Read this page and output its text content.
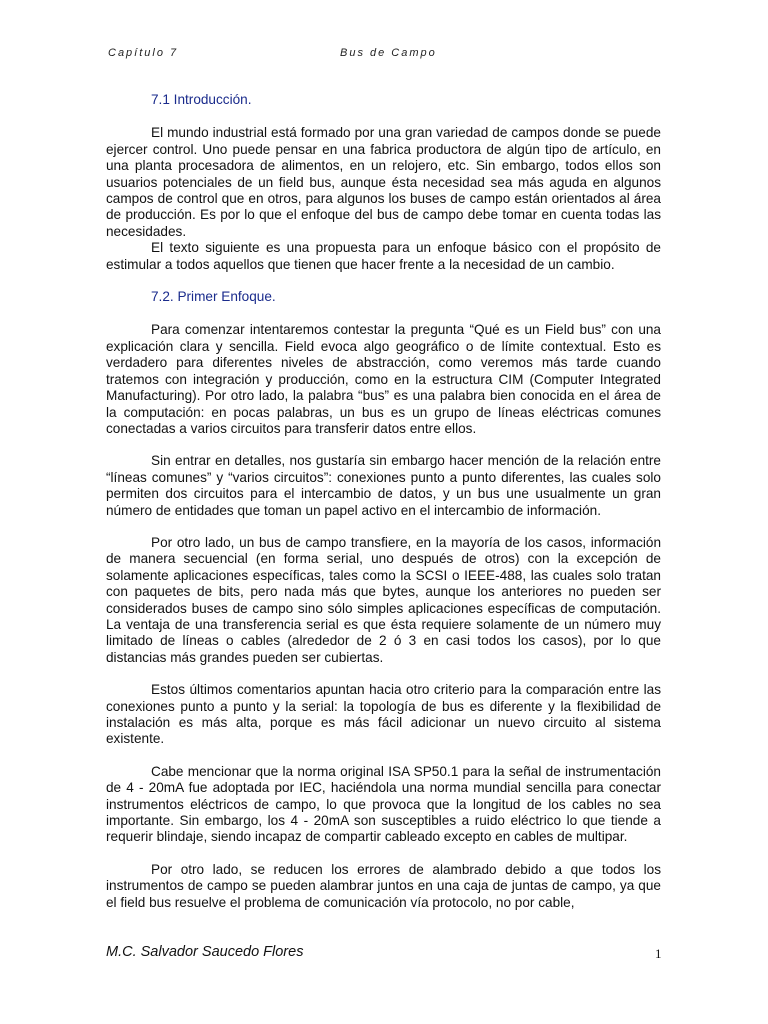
Capítulo 7	Bus de Campo
7.1 Introducción.

El mundo industrial está formado por una gran variedad de campos donde se puede ejercer control. Uno puede pensar en una fabrica productora de algún tipo de artículo, en una planta procesadora de alimentos, en un relojero, etc. Sin embargo, todos ellos son usuarios potenciales de un field bus, aunque ésta necesidad sea más aguda en algunos campos de control que en otros, para algunos los buses de campo están orientados al área de producción. Es por lo que el enfoque del bus de campo debe tomar en cuenta todas las necesidades.

El texto siguiente es una propuesta para un enfoque básico con el propósito de estimular a todos aquellos que tienen que hacer frente a la necesidad de un cambio.

7.2. Primer Enfoque.

Para comenzar intentaremos contestar la pregunta “Qué es un Field bus” con una explicación clara y sencilla. Field evoca algo geográfico o de límite contextual. Esto es verdadero para diferentes niveles de abstracción, como veremos más tarde cuando tratemos con integración y producción, como en la estructura CIM (Computer Integrated Manufacturing). Por otro lado, la palabra “bus” es una palabra bien conocida en el área de la computación: en pocas palabras, un bus es un grupo de líneas eléctricas comunes conectadas a varios circuitos para transferir datos entre ellos.

Sin entrar en detalles, nos gustaría sin embargo hacer mención de la relación entre “líneas comunes” y “varios circuitos”: conexiones punto a punto diferentes, las cuales solo permiten dos circuitos para el intercambio de datos, y un bus une usualmente un gran número de entidades que toman un papel activo en el intercambio de información.

Por otro lado, un bus de campo transfiere, en la mayoría de los casos, información de manera secuencial (en forma serial, uno después de otros) con la excepción de solamente aplicaciones específicas, tales como la SCSI o IEEE-488, las cuales solo tratan con paquetes de bits, pero nada más que bytes, aunque los anteriores no pueden ser considerados buses de campo sino sólo simples aplicaciones específicas de computación. La ventaja de una transferencia serial es que ésta requiere solamente de un número muy limitado de líneas o cables (alrededor de 2 ó 3 en casi todos los casos), por lo que distancias más grandes pueden ser cubiertas.

Estos últimos comentarios apuntan hacia otro criterio para la comparación entre las conexiones punto a punto y la serial: la topología de bus es diferente y la flexibilidad de instalación es más alta, porque es más fácil adicionar un nuevo circuito al sistema existente.

Cabe mencionar que la norma original ISA SP50.1 para la señal de instrumentación de 4 - 20mA fue adoptada por IEC, haciéndola una norma mundial sencilla para conectar instrumentos eléctricos de campo, lo que provoca que la longitud de los cables no sea importante. Sin embargo, los 4 - 20mA son susceptibles a ruido eléctrico lo que tiende a requerir blindaje, siendo incapaz de compartir cableado excepto en cables de multipar.

Por otro lado, se reducen los errores de alambrado debido a que todos los instrumentos de campo se pueden alambrar juntos en una caja de juntas de campo, ya que el field bus resuelve el problema de comunicación vía protocolo, no por cable,

M.C. Salvador Saucedo Flores	1
